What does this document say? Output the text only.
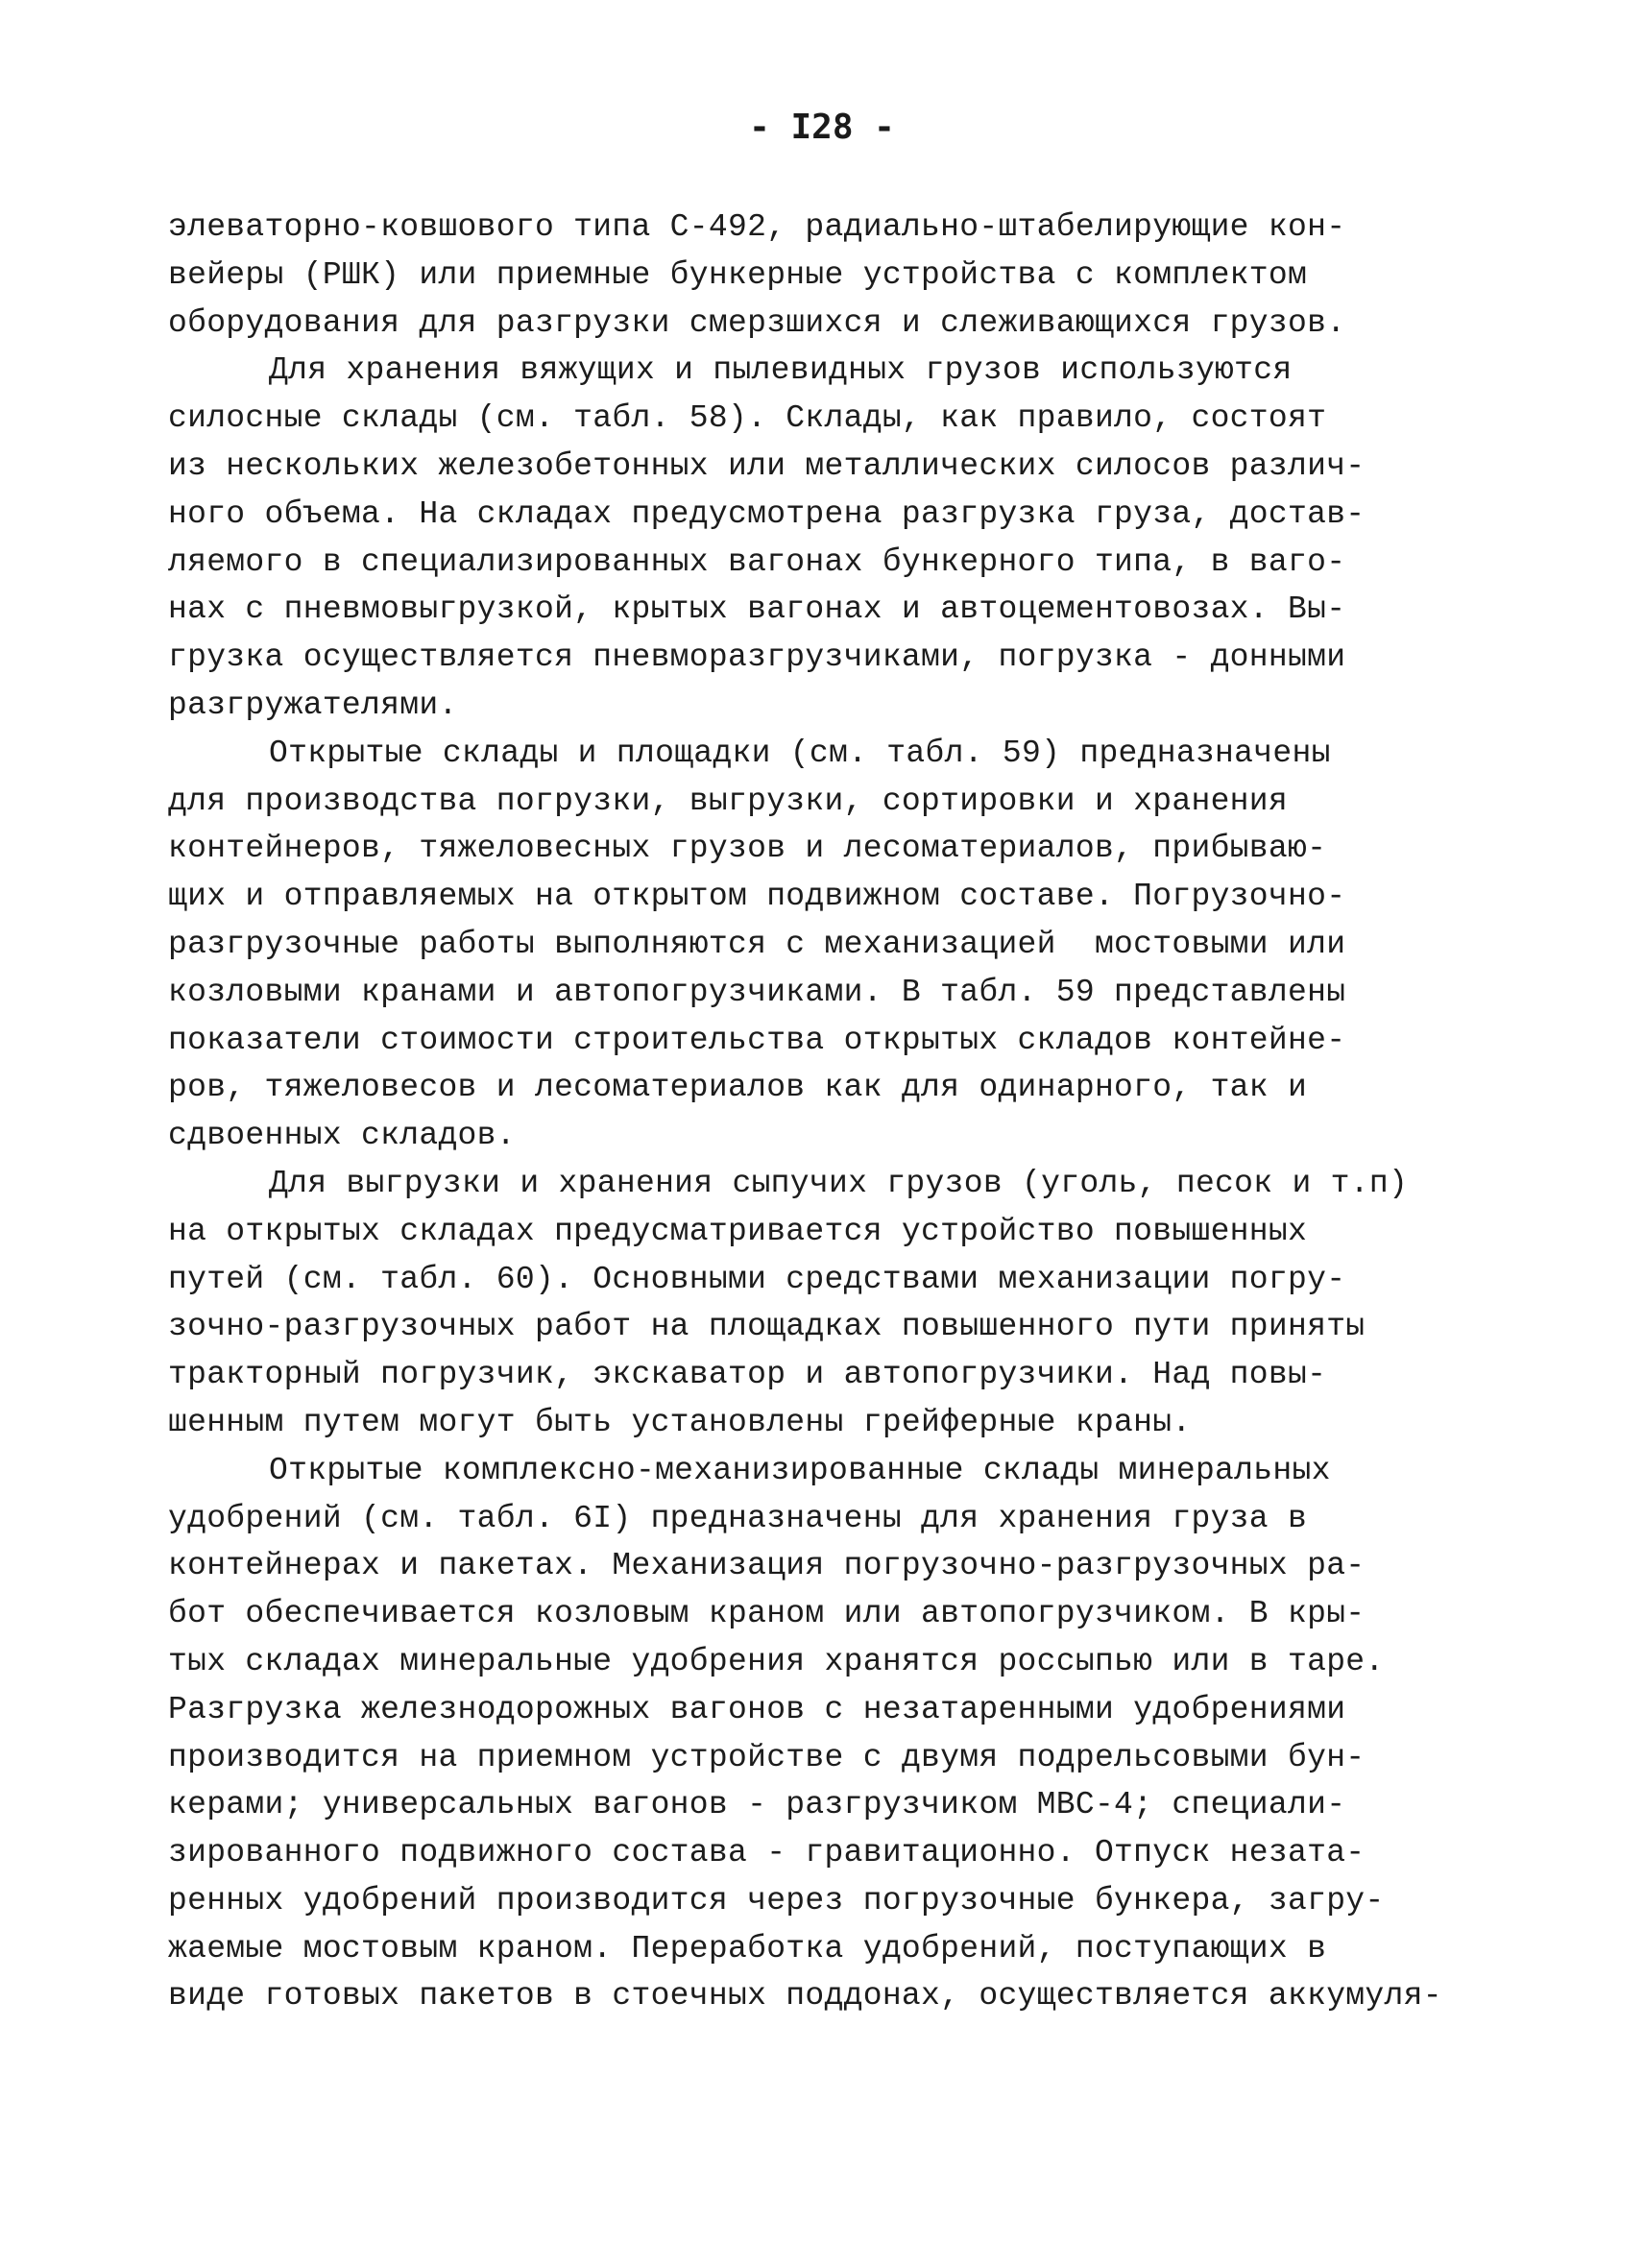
- I28 -
элеваторно-ковшового типа С-492, радиально-штабелирующие кон-
вейеры (РШК) или приемные бункерные устройства с комплектом
оборудования для разгрузки смерзшихся и слеживающихся грузов.
Для хранения вяжущих и пылевидных грузов используются
силосные склады (см. табл. 58). Склады, как правило, состоят
из нескольких железобетонных или металлических силосов различ-
ного объема. На складах предусмотрена разгрузка груза, достав-
ляемого в специализированных вагонах бункерного типа, в ваго-
нах с пневмовыгрузкой, крытых вагонах и автоцементовозах. Вы-
грузка осуществляется пневморазгрузчиками, погрузка - донными
разгружателями.
Открытые склады и площадки (см. табл. 59) предназначены
для производства погрузки, выгрузки, сортировки и хранения
контейнеров, тяжеловесных грузов и лесоматериалов, прибываю-
щих и отправляемых на открытом подвижном составе. Погрузочно-
разгрузочные работы выполняются с механизацией  мостовыми или
козловыми кранами и автопогрузчиками. В табл. 59 представлены
показатели стоимости строительства открытых складов контейне-
ров, тяжеловесов и лесоматериалов как для одинарного, так и
сдвоенных складов.
Для выгрузки и хранения сыпучих грузов (уголь, песок и т.п)
на открытых складах предусматривается устройство повышенных
путей (см. табл. 60). Основными средствами механизации погру-
зочно-разгрузочных работ на площадках повышенного пути приняты
тракторный погрузчик, экскаватор и автопогрузчики. Над повы-
шенным путем могут быть установлены грейферные краны.
Открытые комплексно-механизированные склады минеральных
удобрений (см. табл. 6I) предназначены для хранения груза в
контейнерах и пакетах. Механизация погрузочно-разгрузочных ра-
бот обеспечивается козловым краном или автопогрузчиком. В кры-
тых складах минеральные удобрения хранятся россыпью или в таре.
Разгрузка железнодорожных вагонов с незатаренными удобрениями
производится на приемном устройстве с двумя подрельсовыми бун-
керами; универсальных вагонов - разгрузчиком МВС-4; специали-
зированного подвижного состава - гравитационно. Отпуск незата-
ренных удобрений производится через погрузочные бункера, загру-
жаемые мостовым краном. Переработка удобрений, поступающих в
виде готовых пакетов в стоечных поддонах, осуществляется аккумуля-
